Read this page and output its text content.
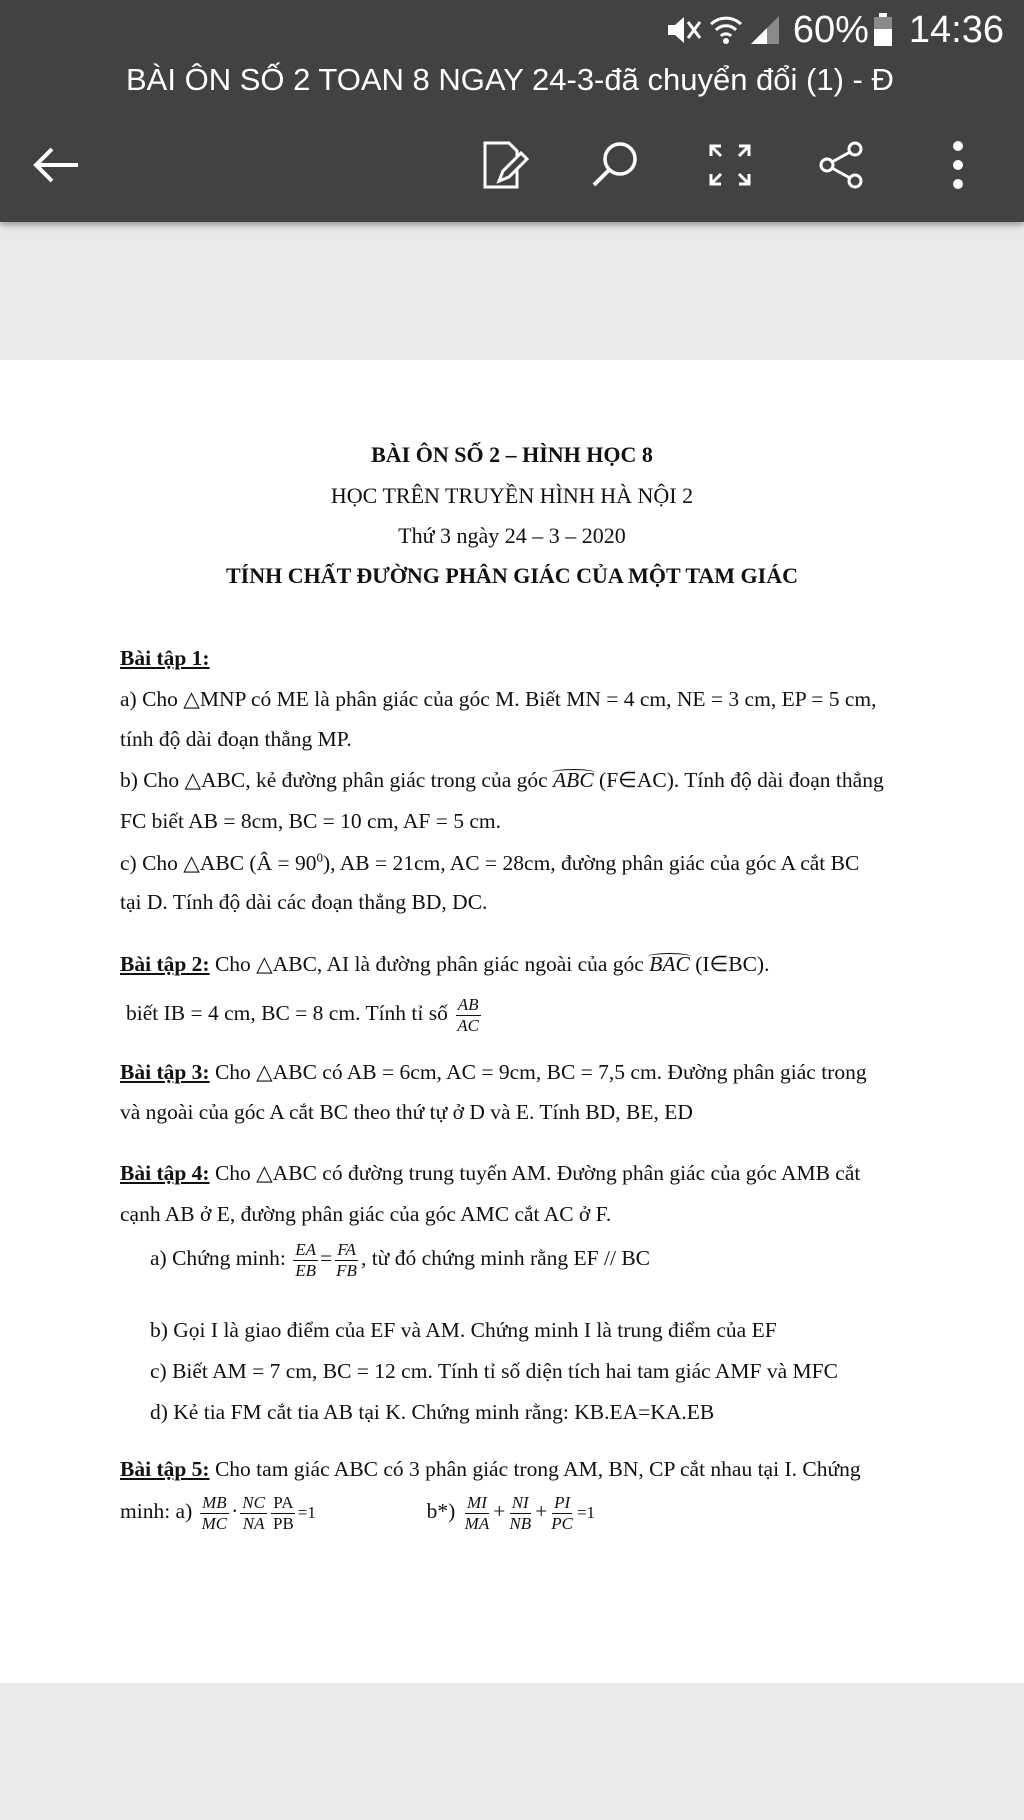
60% 14:36
BÀI ÔN SỐ 2 TOAN 8 NGAY 24-3-đã chuyển đổi (1) - Đ
BÀI ÔN SỐ 2 – HÌNH HỌC 8
HỌC TRÊN TRUYỀN HÌNH HÀ NỘI 2
Thứ 3 ngày 24 – 3 – 2020
TÍNH CHẤT ĐƯỜNG PHÂN GIÁC CỦA MỘT TAM GIÁC
Bài tập 1:
a) Cho △MNP có ME là phân giác của góc M. Biết MN = 4 cm, NE = 3 cm, EP = 5 cm,
tính độ dài đoạn thẳng MP.
b) Cho △ABC, kẻ đường phân giác trong của góc ABC (F∈AC). Tính độ dài đoạn thẳng
FC biết AB = 8cm, BC = 10 cm, AF = 5 cm.
c) Cho △ABC (Â = $90^0$), AB = 21cm, AC = 28cm, đường phân giác của góc A cắt BC
tại D. Tính độ dài các đoạn thẳng BD, DC.
Bài tập 2: Cho △ABC, AI là đường phân giác ngoài của góc BAC (I∈BC).
biết IB = 4 cm, BC = 8 cm. Tính tỉ số $\frac{AB}{AC}$
Bài tập 3: Cho △ABC có AB = 6cm, AC = 9cm, BC = 7,5 cm. Đường phân giác trong
và ngoài của góc A cắt BC theo thứ tự ở D và E. Tính BD, BE, ED
Bài tập 4: Cho △ABC có đường trung tuyến AM. Đường phân giác của góc AMB cắt
cạnh AB ở E, đường phân giác của góc AMC cắt AC ở F.
a) Chứng minh: $\frac{EA}{EB} = \frac{FA}{FB}$ , từ đó chứng minh rằng EF // BC
b) Gọi I là giao điểm của EF và AM. Chứng minh I là trung điểm của EF
c) Biết AM = 7 cm, BC = 12 cm. Tính tỉ số diện tích hai tam giác AMF và MFC
d) Kẻ tia FM cắt tia AB tại K. Chứng minh rằng: KB.EA=KA.EB
Bài tập 5: Cho tam giác ABC có 3 phân giác trong AM, BN, CP cắt nhau tại I. Chứng
minh: $a) \frac{MB}{MC} \cdot \frac{NC}{NA} \frac{PA}{PB} =1$	$b*) \frac{MI}{MA} + \frac{NI}{NB} + \frac{PI}{PC} =1$
